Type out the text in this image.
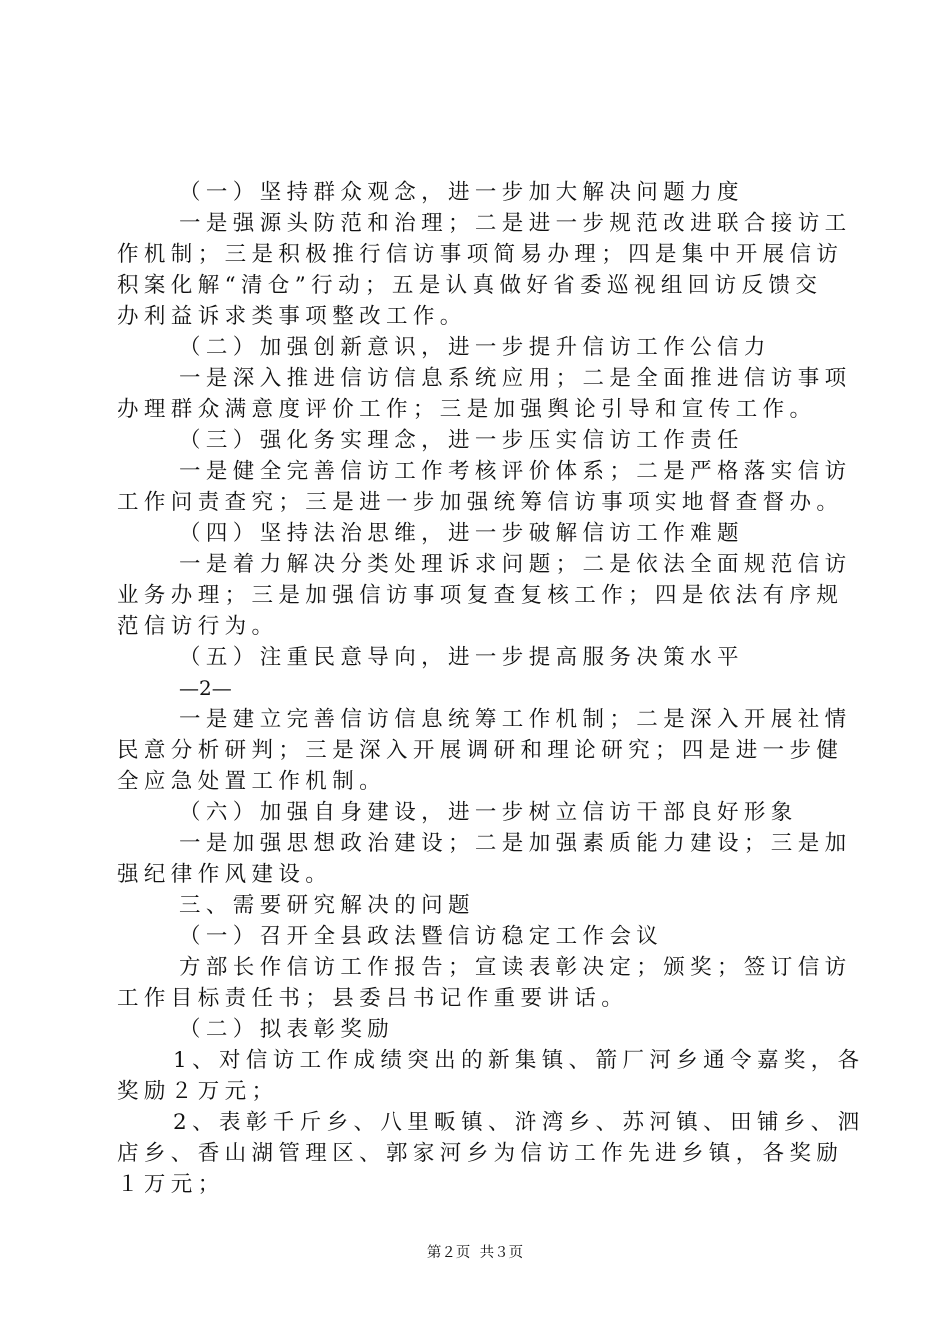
（一）坚持群众观念，进一步加大解决问题力度
一是强源头防范和治理；二是进一步规范改进联合接访工
作机制；三是积极推行信访事项简易办理；四是集中开展信访
积案化解“清仓”行动；五是认真做好省委巡视组回访反馈交
办利益诉求类事项整改工作。
（二）加强创新意识，进一步提升信访工作公信力
一是深入推进信访信息系统应用；二是全面推进信访事项
办理群众满意度评价工作；三是加强舆论引导和宣传工作。
（三）强化务实理念，进一步压实信访工作责任
一是健全完善信访工作考核评价体系；二是严格落实信访
工作问责查究；三是进一步加强统筹信访事项实地督查督办。
（四）坚持法治思维，进一步破解信访工作难题
一是着力解决分类处理诉求问题；二是依法全面规范信访
业务办理；三是加强信访事项复查复核工作；四是依法有序规
范信访行为。
（五）注重民意导向，进一步提高服务决策水平
—2—
一是建立完善信访信息统筹工作机制；二是深入开展社情
民意分析研判；三是深入开展调研和理论研究；四是进一步健
全应急处置工作机制。
（六）加强自身建设，进一步树立信访干部良好形象
一是加强思想政治建设；二是加强素质能力建设；三是加
强纪律作风建设。
三、需要研究解决的问题
（一）召开全县政法暨信访稳定工作会议
方部长作信访工作报告；宣读表彰决定；颁奖；签订信访
工作目标责任书；县委吕书记作重要讲话。
（二）拟表彰奖励
1、对信访工作成绩突出的新集镇、箭厂河乡通令嘉奖，各
奖励２万元；
2、表彰千斤乡、八里畈镇、浒湾乡、苏河镇、田铺乡、泗
店乡、香山湖管理区、郭家河乡为信访工作先进乡镇，各奖励
１万元；
第２页  共３页
